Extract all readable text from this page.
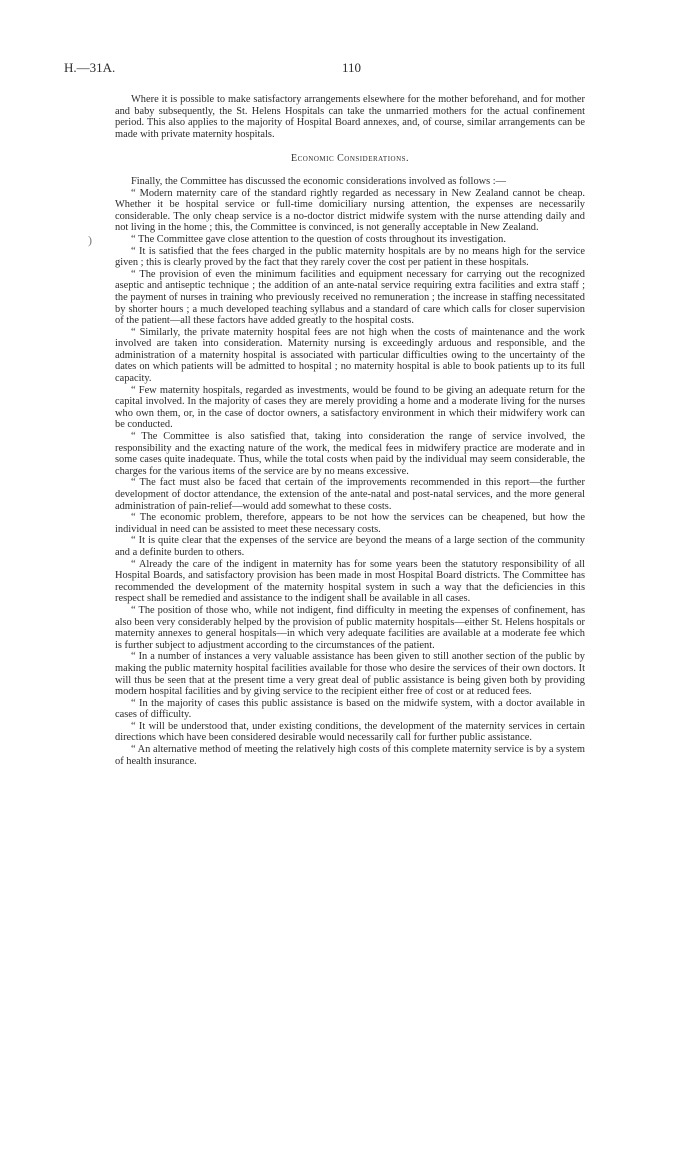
H.—31A.	110
)

Where it is possible to make satisfactory arrangements elsewhere for the mother beforehand, and for mother and baby subsequently, the St. Helens Hospitals can take the unmarried mothers for the actual confinement period. This also applies to the majority of Hospital Board annexes, and, of course, similar arrangements can be made with private maternity hospitals.

Economic Considerations.

Finally, the Committee has discussed the economic considerations involved as follows :—

“ Modern maternity care of the standard rightly regarded as necessary in New Zealand cannot be cheap. Whether it be hospital service or full-time domiciliary nursing attention, the expenses are necessarily considerable. The only cheap service is a no-doctor district midwife system with the nurse attending daily and not living in the home ; this, the Committee is convinced, is not generally acceptable in New Zealand.

“ The Committee gave close attention to the question of costs throughout its investigation.

“ It is satisfied that the fees charged in the public maternity hospitals are by no means high for the service given ; this is clearly proved by the fact that they rarely cover the cost per patient in these hospitals.

“ The provision of even the minimum facilities and equipment necessary for carrying out the recognized aseptic and antiseptic technique ; the addition of an ante-natal service requiring extra facilities and extra staff ; the payment of nurses in training who previously received no remuneration ; the increase in staffing necessitated by shorter hours ; a much developed teaching syllabus and a standard of care which calls for closer supervision of the patient—all these factors have added greatly to the hospital costs.

“ Similarly, the private maternity hospital fees are not high when the costs of maintenance and the work involved are taken into consideration. Maternity nursing is exceedingly arduous and responsible, and the administration of a maternity hospital is associated with particular difficulties owing to the uncertainty of the dates on which patients will be admitted to hospital ; no maternity hospital is able to book patients up to its full capacity.

“ Few maternity hospitals, regarded as investments, would be found to be giving an adequate return for the capital involved. In the majority of cases they are merely providing a home and a moderate living for the nurses who own them, or, in the case of doctor owners, a satisfactory environment in which their midwifery work can be conducted.

“ The Committee is also satisfied that, taking into consideration the range of service involved, the responsibility and the exacting nature of the work, the medical fees in midwifery practice are moderate and in some cases quite inadequate. Thus, while the total costs when paid by the individual may seem considerable, the charges for the various items of the service are by no means excessive.

“ The fact must also be faced that certain of the improvements recommended in this report—the further development of doctor attendance, the extension of the ante-natal and post-natal services, and the more general administration of pain-relief—would add somewhat to these costs.

“ The economic problem, therefore, appears to be not how the services can be cheapened, but how the individual in need can be assisted to meet these necessary costs.

“ It is quite clear that the expenses of the service are beyond the means of a large section of the community and a definite burden to others.

“ Already the care of the indigent in maternity has for some years been the statutory responsibility of all Hospital Boards, and satisfactory provision has been made in most Hospital Board districts. The Committee has recommended the development of the maternity hospital system in such a way that the deficiencies in this respect shall be remedied and assistance to the indigent shall be available in all cases.

“ The position of those who, while not indigent, find difficulty in meeting the expenses of confinement, has also been very considerably helped by the provision of public maternity hospitals—either St. Helens hospitals or maternity annexes to general hospitals—in which very adequate facilities are available at a moderate fee which is further subject to adjustment according to the circumstances of the patient.

“ In a number of instances a very valuable assistance has been given to still another section of the public by making the public maternity hospital facilities available for those who desire the services of their own doctors. It will thus be seen that at the present time a very great deal of public assistance is being given both by providing modern hospital facilities and by giving service to the recipient either free of cost or at reduced fees.

“ In the majority of cases this public assistance is based on the midwife system, with a doctor available in cases of difficulty.

“ It will be understood that, under existing conditions, the development of the maternity services in certain directions which have been considered desirable would necessarily call for further public assistance.

“ An alternative method of meeting the relatively high costs of this complete maternity service is by a system of health insurance.
